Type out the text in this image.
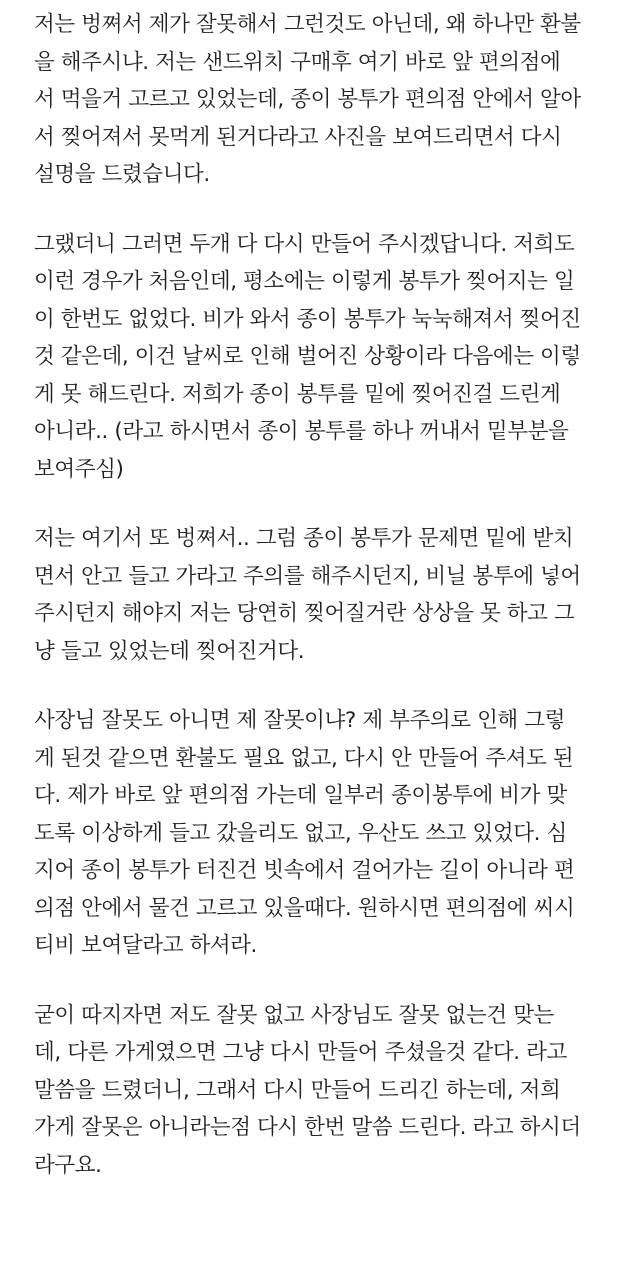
저는 벙쪄서 제가 잘못해서 그런것도 아닌데, 왜 하나만 환불
을 해주시냐. 저는 샌드위치 구매후 여기 바로 앞 편의점에
서 먹을거 고르고 있었는데, 종이 봉투가 편의점 안에서 알아
서 찢어져서 못먹게 된거다라고 사진을 보여드리면서 다시
설명을 드렸습니다.
그랬더니 그러면 두개 다 다시 만들어 주시겠답니다. 저희도
이런 경우가 처음인데, 평소에는 이렇게 봉투가 찢어지는 일
이 한번도 없었다. 비가 와서 종이 봉투가 눅눅해져서 찢어진
것 같은데, 이건 날씨로 인해 벌어진 상황이라 다음에는 이렇
게 못 해드린다. 저희가 종이 봉투를 밑에 찢어진걸 드린게
아니라.. (라고 하시면서 종이 봉투를 하나 꺼내서 밑부분을
보여주심)
저는 여기서 또 벙쪄서.. 그럼 종이 봉투가 문제면 밑에 받치
면서 안고 들고 가라고 주의를 해주시던지, 비닐 봉투에 넣어
주시던지 해야지 저는 당연히 찢어질거란 상상을 못 하고 그
냥 들고 있었는데 찢어진거다.
사장님 잘못도 아니면 제 잘못이냐? 제 부주의로 인해 그렇
게 된것 같으면 환불도 필요 없고, 다시 안 만들어 주셔도 된
다. 제가 바로 앞 편의점 가는데 일부러 종이봉투에 비가 맞
도록 이상하게 들고 갔을리도 없고, 우산도 쓰고 있었다. 심
지어 종이 봉투가 터진건 빗속에서 걸어가는 길이 아니라 편
의점 안에서 물건 고르고 있을때다. 원하시면 편의점에 씨시
티비 보여달라고 하셔라.
굳이 따지자면 저도 잘못 없고 사장님도 잘못 없는건 맞는
데, 다른 가게였으면 그냥 다시 만들어 주셨을것 같다. 라고
말씀을 드렸더니, 그래서 다시 만들어 드리긴 하는데, 저희
가게 잘못은 아니라는점 다시 한번 말씀 드린다. 라고 하시더
라구요.
